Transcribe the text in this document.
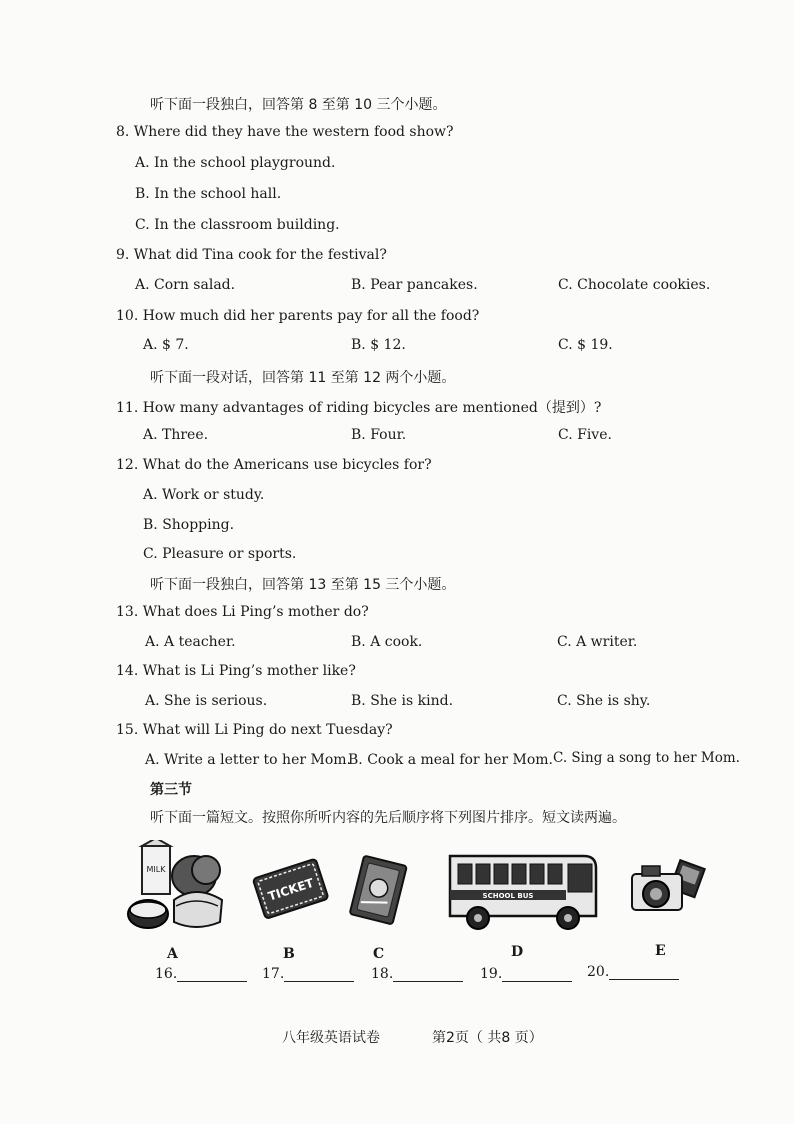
听下面一段独白，回答第 8 至第 10 三个小题。
8. Where did they have the western food show?
A. In the school playground.
B. In the school hall.
C. In the classroom building.
9. What did Tina cook for the festival?
A. Corn salad.	B. Pear pancakes.	C. Chocolate cookies.
10. How much did her parents pay for all the food?
A. $ 7.	B. $ 12.	C. $ 19.
听下面一段对话，回答第 11 至第 12 两个小题。
11. How many advantages of riding bicycles are mentioned（提到）?
A. Three.	B. Four.	C. Five.
12. What do the Americans use bicycles for?
A. Work or study.
B. Shopping.
C. Pleasure or sports.
听下面一段独白，回答第 13 至第 15 三个小题。
13. What does Li Ping’s mother do?
A. A teacher.	B. A cook.	C. A writer.
14. What is Li Ping’s mother like?
A. She is serious.	B. She is kind.	C. She is shy.
15. What will Li Ping do next Tuesday?
A. Write a letter to her Mom.
B. Cook a meal for her Mom. C. Sing a song to her Mom.
第三节
听下面一篇短文。按照你所听内容的先后顺序将下列图片排序。短文读两遍。
MILK
A
TICKET
B	C
SCHOOL BUS
D	E
16.	17.	18.	19.	20.
八年级英语试卷	第2页（ 共8 页）
